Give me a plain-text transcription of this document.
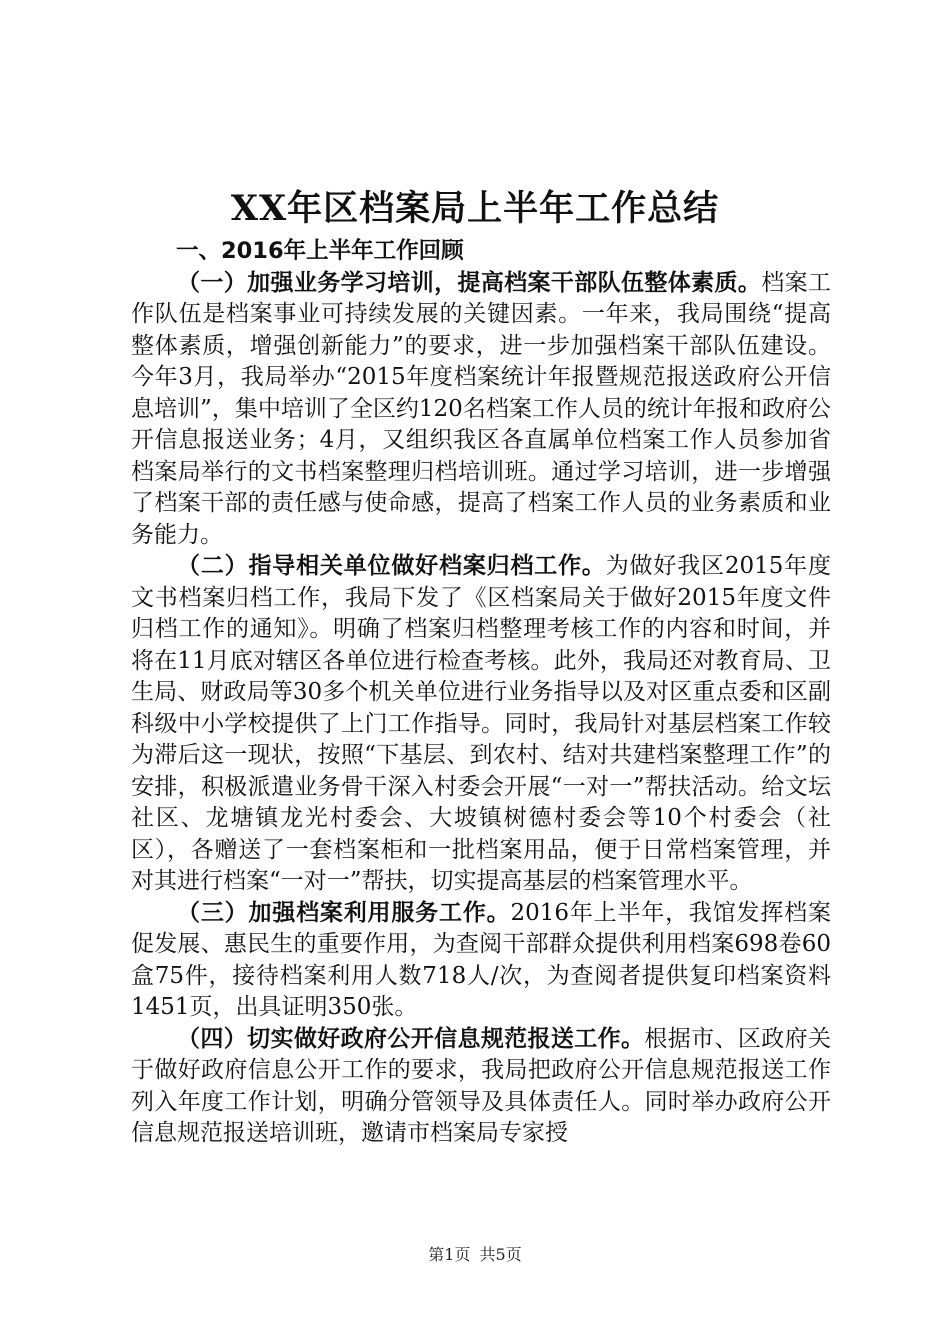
XX年区档案局上半年工作总结
一、2016年上半年工作回顾

（一）加强业务学习培训，提高档案干部队伍整体素质。档案工作队伍是档案事业可持续发展的关键因素。一年来，我局围绕“提高整体素质，增强创新能力”的要求，进一步加强档案干部队伍建设。今年3月，我局举办“2015年度档案统计年报暨规范报送政府公开信息培训”，集中培训了全区约120名档案工作人员的统计年报和政府公开信息报送业务；4月，又组织我区各直属单位档案工作人员参加省档案局举行的文书档案整理归档培训班。通过学习培训，进一步增强了档案干部的责任感与使命感，提高了档案工作人员的业务素质和业务能力。

（二）指导相关单位做好档案归档工作。为做好我区2015年度文书档案归档工作，我局下发了《区档案局关于做好2015年度文件归档工作的通知》。明确了档案归档整理考核工作的内容和时间，并将在11月底对辖区各单位进行检查考核。此外，我局还对教育局、卫生局、财政局等30多个机关单位进行业务指导以及对区重点委和区副科级中小学校提供了上门工作指导。同时，我局针对基层档案工作较为滞后这一现状，按照“下基层、到农村、结对共建档案整理工作”的安排，积极派遣业务骨干深入村委会开展“一对一”帮扶活动。给文坛社区、龙塘镇龙光村委会、大坡镇树德村委会等10个村委会（社区），各赠送了一套档案柜和一批档案用品，便于日常档案管理，并对其进行档案“一对一”帮扶，切实提高基层的档案管理水平。

（三）加强档案利用服务工作。2016年上半年，我馆发挥档案促发展、惠民生的重要作用，为查阅干部群众提供利用档案698卷60盒75件，接待档案利用人数718人/次，为查阅者提供复印档案资料1451页，出具证明350张。

（四）切实做好政府公开信息规范报送工作。根据市、区政府关于做好政府信息公开工作的要求，我局把政府公开信息规范报送工作列入年度工作计划，明确分管领导及具体责任人。同时举办政府公开信息规范报送培训班，邀请市档案局专家授

第1页 共5页
